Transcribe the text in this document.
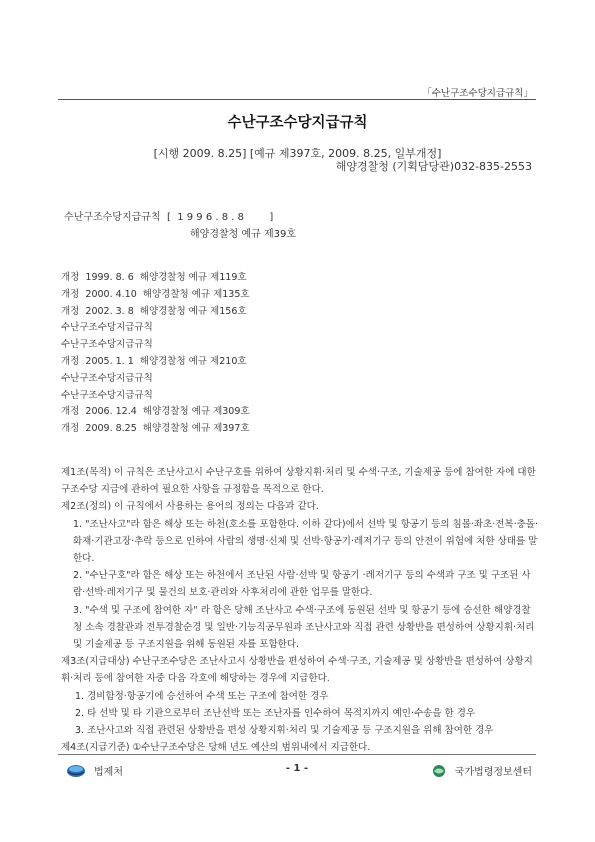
「수난구조수당지급규칙」
수난구조수당지급규칙
[시행 2009. 8.25] [예규 제397호, 2009. 8.25, 일부개정]
해양경찰청 (기획담당관)032-835-2553
수난구조수당지급규칙  [  1 9 9 6 . 8 . 8        ]
해양경찰청 예규 제39호
개정  1999. 8. 6  해양경찰청 예규 제119호
개정  2000. 4.10  해양경찰청 예규 제135호
개정  2002. 3. 8  해양경찰청 예규 제156호
수난구조수당지급규칙
수난구조수당지급규칙
개정  2005. 1. 1  해양경찰청 예규 제210호
수난구조수당지급규칙
수난구조수당지급규칙
개정  2006. 12.4  해양경찰청 예규 제309호
개정  2009. 8.25  해양경찰청 예규 제397호

제1조(목적) 이 규칙은 조난사고시 수난구호를 위하여 상황지휘·처리 및 수색·구조, 기술제공 등에 참여한 자에 대한 구조수당 지급에 관하여 필요한 사항을 규정함을 목적으로 한다.

제2조(정의) 이 규칙에서 사용하는 용어의 정의는 다음과 같다.

1. "조난사고"라 함은 해상 또는 하천(호소를 포함한다. 이하 같다)에서 선박 및 항공기 등의 침몰·좌초·전복·충돌·화재·기관고장·추락 등으로 인하여 사람의 생명·신체 및 선박·항공기·레저기구 등의 안전이 위험에 처한 상태를 말한다.

2. "수난구호"라 함은 해상 또는 하천에서 조난된 사람·선박 및 항공기 ·레저기구 등의 수색과 구조 및 구조된 사람·선박·레저기구 및 물건의 보호·관리와 사후처리에 관한 업무를 말한다.

3. "수색 및 구조에 참여한 자" 라 함은 당해 조난사고 수색·구조에 동원된 선박 및 항공기 등에 승선한 해양경찰청 소속 경찰관과 전투경찰순경 및 일반·기능직공무원과 조난사고와 직접 관련 상황반을 편성하여 상황지휘·처리 및 기술제공 등 구조지원을 위해 동원된 자를 포함한다.

제3조(지급대상) 수난구조수당은 조난사고시 상황반을 편성하여 수색·구조, 기술제공 및 상황반을 편성하여 상황지휘·처리 등에 참여한 자중 다음 각호에 해당하는 경우에 지급한다.

1. 경비함정·항공기에 승선하여 수색 또는 구조에 참여한 경우

2. 타 선박 및 타 기관으로부터 조난선박 또는 조난자를 인수하여 목적지까지 예인·수송을 한 경우

3. 조난사고와 직접 관련된 상황반을 편성 상황지휘·처리 및 기술제공 등 구조지원을 위해 참여한 경우

제4조(지급기준) ①수난구조수당은 당해 년도 예산의 범위내에서 지급한다.

법제처	- 1 -	국가법령정보센터
